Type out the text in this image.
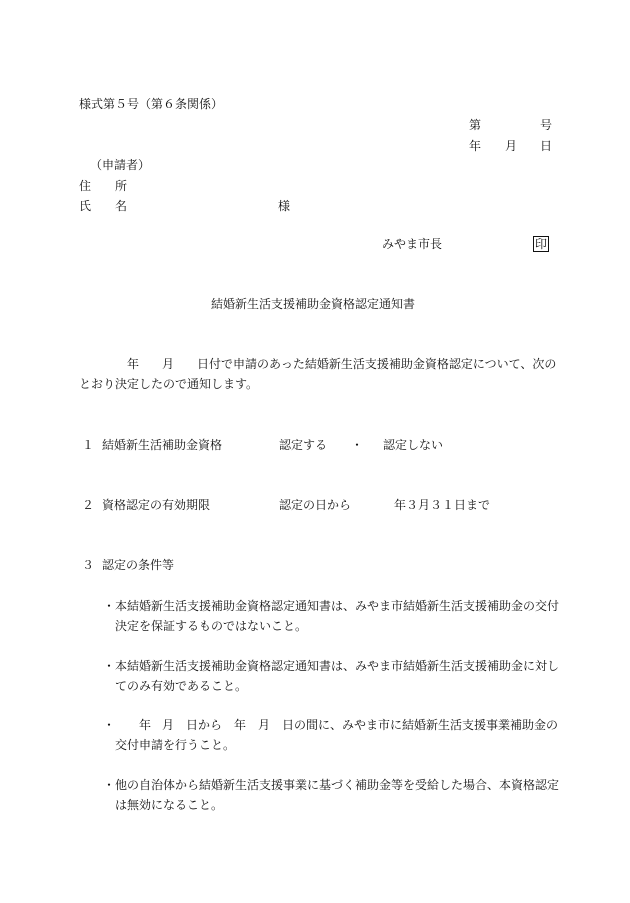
様式第５号（第６条関係）
第	号
年 月 日
（申請者）
住　　所
氏　　名	様
みやま市長	印
結婚新生活支援補助金資格認定通知書
年 月 日付で申請のあった結婚新生活支援補助金資格認定について、次の
とおり決定したので通知します。
１ 結婚新生活補助金資格	認定する ・ 認定しない
２ 資格認定の有効期限	認定の日から	年３月３１日まで
３ 認定の条件等
・本結婚新生活支援補助金資格認定通知書は、みやま市結婚新生活支援補助金の交付
決定を保証するものではないこと。
・本結婚新生活支援補助金資格認定通知書は、みやま市結婚新生活支援補助金に対し
てのみ有効であること。
・ 年 月 日から 年 月 日の間に、みやま市に結婚新生活支援事業補助金の
交付申請を行うこと。
・他の自治体から結婚新生活支援事業に基づく補助金等を受給した場合、本資格認定
は無効になること。
